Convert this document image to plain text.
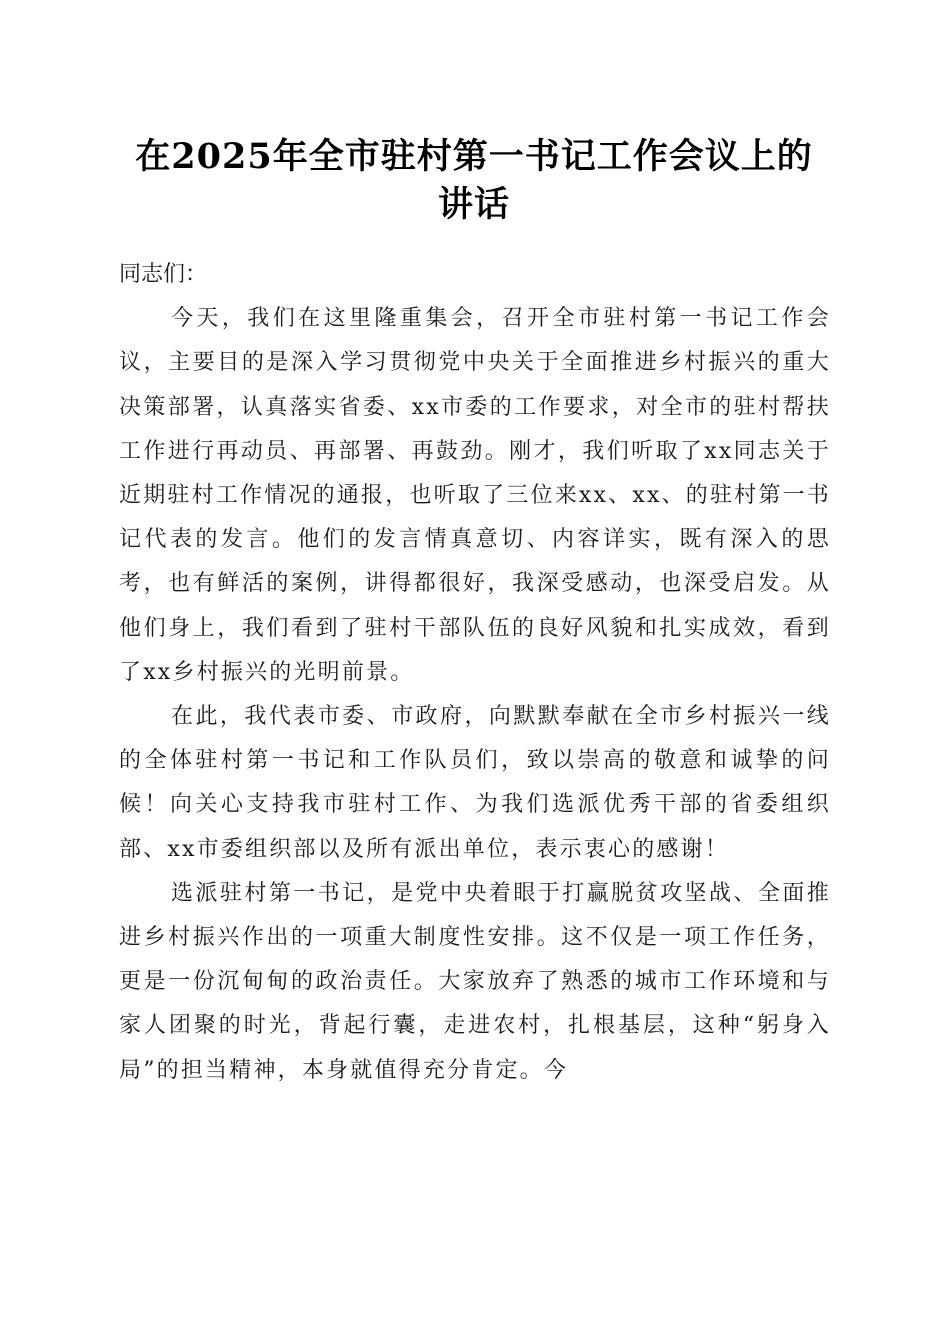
在2025年全市驻村第一书记工作会议上的讲话

同志们：

今天，我们在这里隆重集会，召开全市驻村第一书记工作会议，主要目的是深入学习贯彻党中央关于全面推进乡村振兴的重大决策部署，认真落实省委、xx市委的工作要求，对全市的驻村帮扶工作进行再动员、再部署、再鼓劲。刚才，我们听取了xx同志关于近期驻村工作情况的通报，也听取了三位来xx、xx、的驻村第一书记代表的发言。他们的发言情真意切、内容详实，既有深入的思考，也有鲜活的案例，讲得都很好，我深受感动，也深受启发。从他们身上，我们看到了驻村干部队伍的良好风貌和扎实成效，看到了xx乡村振兴的光明前景。

在此，我代表市委、市政府，向默默奉献在全市乡村振兴一线的全体驻村第一书记和工作队员们，致以崇高的敬意和诚挚的问候！向关心支持我市驻村工作、为我们选派优秀干部的省委组织部、xx市委组织部以及所有派出单位，表示衷心的感谢！

选派驻村第一书记，是党中央着眼于打赢脱贫攻坚战、全面推进乡村振兴作出的一项重大制度性安排。这不仅是一项工作任务，更是一份沉甸甸的政治责任。大家放弃了熟悉的城市工作环境和与家人团聚的时光，背起行囊，走进农村，扎根基层，这种“躬身入局”的担当精神，本身就值得充分肯定。今
